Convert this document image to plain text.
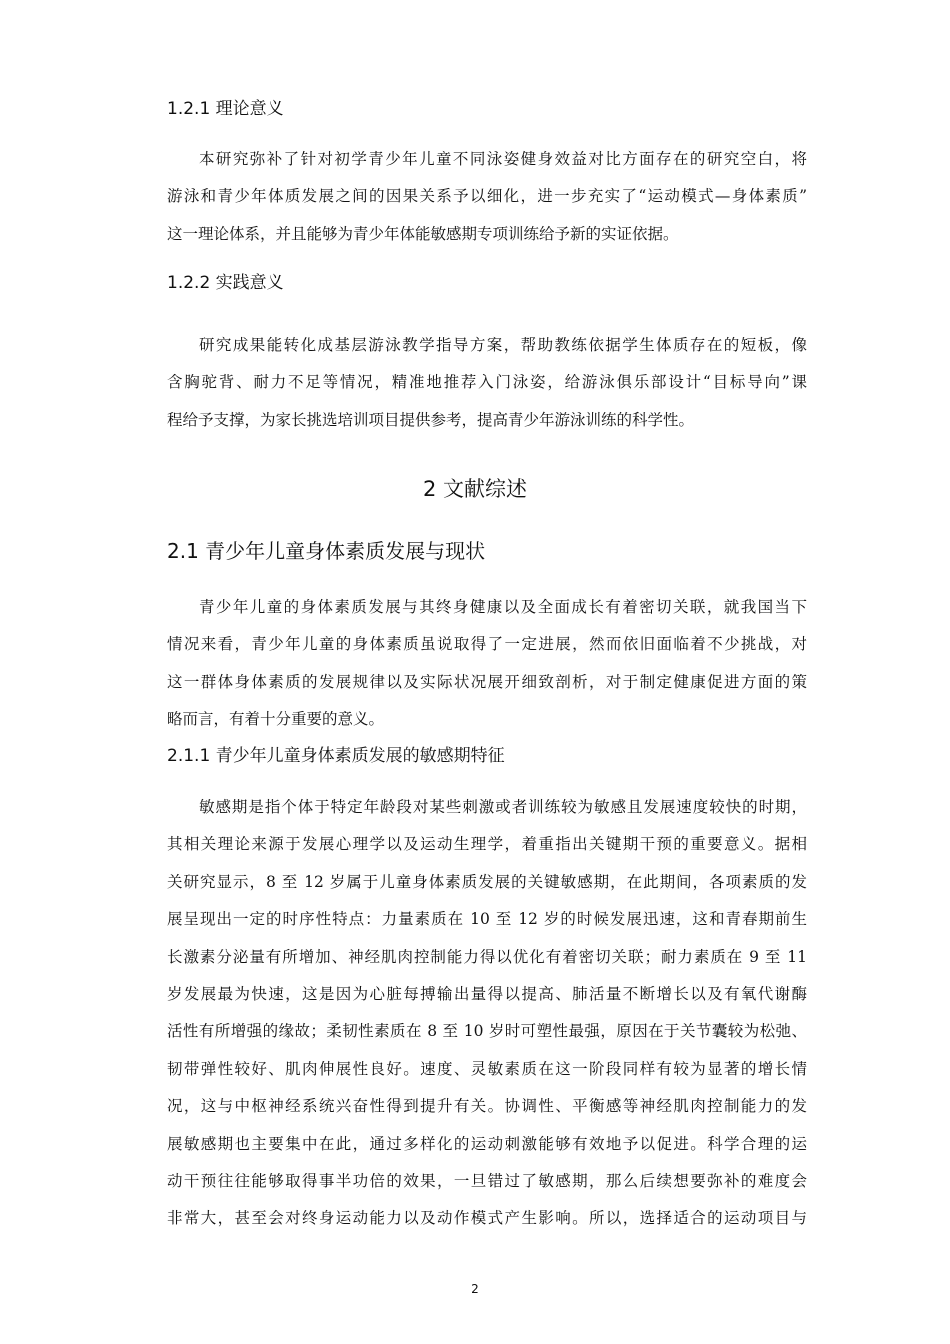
1.2.1 理论意义
本研究弥补了针对初学青少年儿童不同泳姿健身效益对比方面存在的研究空白，将
游泳和青少年体质发展之间的因果关系予以细化，进一步充实了“运动模式—身体素质”
这一理论体系，并且能够为青少年体能敏感期专项训练给予新的实证依据。
1.2.2 实践意义
研究成果能转化成基层游泳教学指导方案，帮助教练依据学生体质存在的短板，像
含胸驼背、耐力不足等情况，精准地推荐入门泳姿，给游泳俱乐部设计“目标导向”课
程给予支撑，为家长挑选培训项目提供参考，提高青少年游泳训练的科学性。
2 文献综述
2.1 青少年儿童身体素质发展与现状
青少年儿童的身体素质发展与其终身健康以及全面成长有着密切关联，就我国当下
情况来看，青少年儿童的身体素质虽说取得了一定进展，然而依旧面临着不少挑战，对
这一群体身体素质的发展规律以及实际状况展开细致剖析，对于制定健康促进方面的策
略而言，有着十分重要的意义。
2.1.1 青少年儿童身体素质发展的敏感期特征
敏感期是指个体于特定年龄段对某些刺激或者训练较为敏感且发展速度较快的时期，
其相关理论来源于发展心理学以及运动生理学，着重指出关键期干预的重要意义。据相
关研究显示，8 至 12 岁属于儿童身体素质发展的关键敏感期，在此期间，各项素质的发
展呈现出一定的时序性特点：力量素质在 10 至 12 岁的时候发展迅速，这和青春期前生
长激素分泌量有所增加、神经肌肉控制能力得以优化有着密切关联；耐力素质在 9 至 11
岁发展最为快速，这是因为心脏每搏输出量得以提高、肺活量不断增长以及有氧代谢酶
活性有所增强的缘故；柔韧性素质在 8 至 10 岁时可塑性最强，原因在于关节囊较为松弛、
韧带弹性较好、肌肉伸展性良好。速度、灵敏素质在这一阶段同样有较为显著的增长情
况，这与中枢神经系统兴奋性得到提升有关。协调性、平衡感等神经肌肉控制能力的发
展敏感期也主要集中在此，通过多样化的运动刺激能够有效地予以促进。科学合理的运
动干预往往能够取得事半功倍的效果，一旦错过了敏感期，那么后续想要弥补的难度会
非常大，甚至会对终身运动能力以及动作模式产生影响。所以，选择适合的运动项目与
2
